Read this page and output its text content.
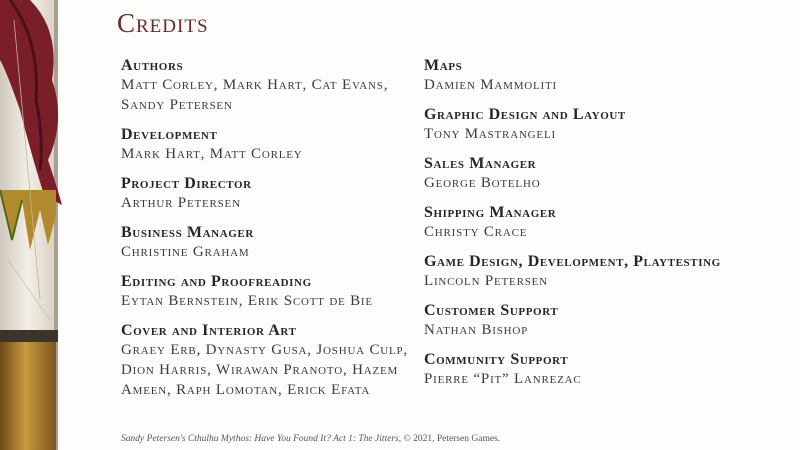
Credits
Authors
Matt Corley, Mark Hart, Cat Evans, Sandy Petersen
Development
Mark Hart, Matt Corley
Project Director
Arthur Petersen
Business Manager
Christine Graham
Editing and Proofreading
Eytan Bernstein, Erik Scott de Bie
Cover and Interior Art
Graey Erb, Dynasty Gusa, Joshua Culp, Dion Harris, Wirawan Pranoto, Hazem Ameen, Raph Lomotan, Erick Efata
Maps
Damien Mammoliti
Graphic Design and Layout
Tony Mastrangeli
Sales Manager
George Botelho
Shipping Manager
Christy Crace
Game Design, Development, Playtesting
Lincoln Petersen
Customer Support
Nathan Bishop
Community Support
Pierre “Pit” Lanrezac
Sandy Petersen's Cthulhu Mythos: Have You Found It? Act 1: The Jitters, © 2021, Petersen Games.
